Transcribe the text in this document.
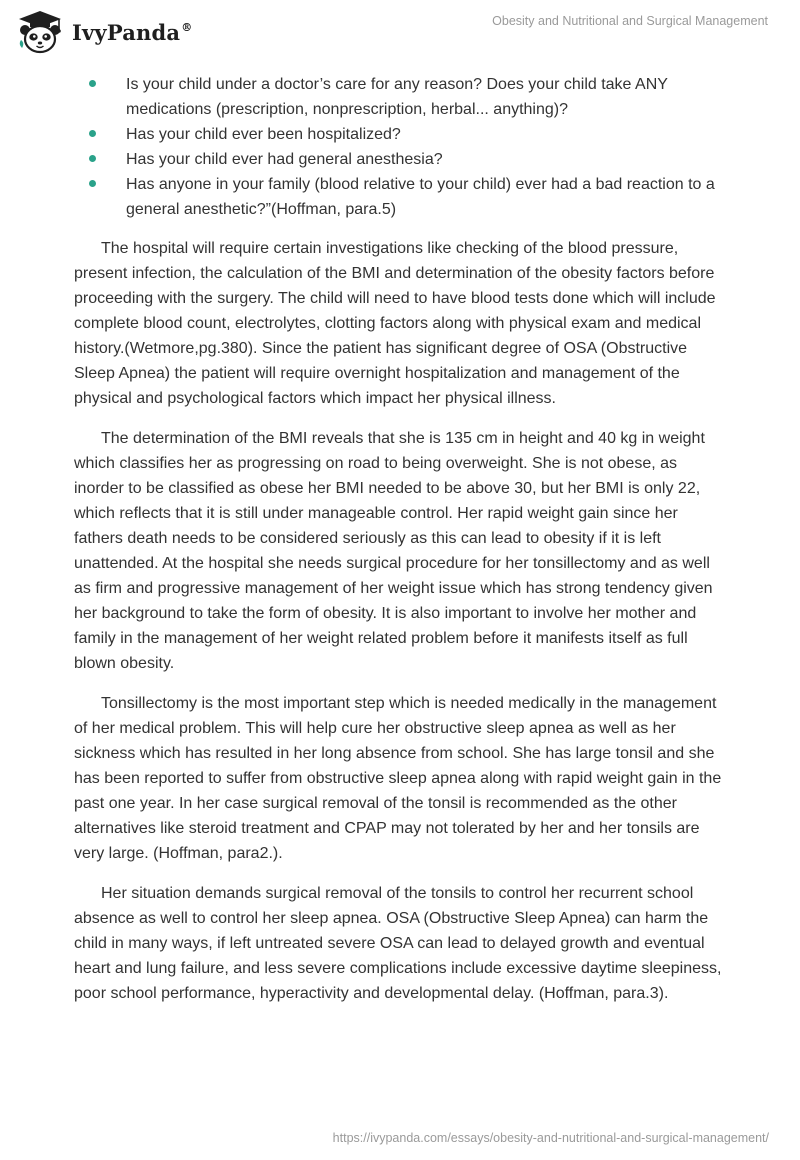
IvyPanda®	Obesity and Nutritional and Surgical Management
Is your child under a doctor’s care for any reason? Does your child take ANY medications (prescription, nonprescription, herbal... anything)?
Has your child ever been hospitalized?
Has your child ever had general anesthesia?
Has anyone in your family (blood relative to your child) ever had a bad reaction to a general anesthetic?”(Hoffman, para.5)

The hospital will require certain investigations like checking of the blood pressure, present infection, the calculation of the BMI and determination of the obesity factors before proceeding with the surgery. The child will need to have blood tests done which will include complete blood count, electrolytes, clotting factors along with physical exam and medical history.(Wetmore,pg.380). Since the patient has significant degree of OSA (Obstructive Sleep Apnea) the patient will require overnight hospitalization and management of the physical and psychological factors which impact her physical illness.

The determination of the BMI reveals that she is 135 cm in height and 40 kg in weight which classifies her as progressing on road to being overweight. She is not obese, as inorder to be classified as obese her BMI needed to be above 30, but her BMI is only 22, which reflects that it is still under manageable control. Her rapid weight gain since her fathers death needs to be considered seriously as this can lead to obesity if it is left unattended. At the hospital she needs surgical procedure for her tonsillectomy and as well as firm and progressive management of her weight issue which has strong tendency given her background to take the form of obesity. It is also important to involve her mother and family in the management of her weight related problem before it manifests itself as full blown obesity.

Tonsillectomy is the most important step which is needed medically in the management of her medical problem. This will help cure her obstructive sleep apnea as well as her sickness which has resulted in her long absence from school. She has large tonsil and she has been reported to suffer from obstructive sleep apnea along with rapid weight gain in the past one year. In her case surgical removal of the tonsil is recommended as the other alternatives like steroid treatment and CPAP may not tolerated by her and her tonsils are very large. (Hoffman, para2.).

Her situation demands surgical removal of the tonsils to control her recurrent school absence as well to control her sleep apnea. OSA (Obstructive Sleep Apnea) can harm the child in many ways, if left untreated severe OSA can lead to delayed growth and eventual heart and lung failure, and less severe complications include excessive daytime sleepiness, poor school performance, hyperactivity and developmental delay. (Hoffman, para.3).

https://ivypanda.com/essays/obesity-and-nutritional-and-surgical-management/
